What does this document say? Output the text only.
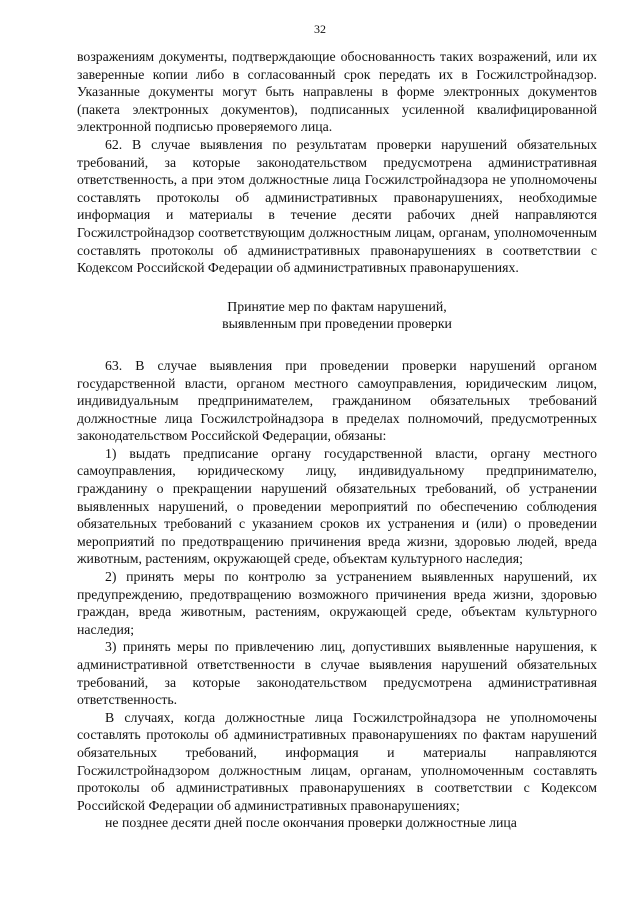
32

возражениям документы, подтверждающие обоснованность таких возражений, или их заверенные копии либо в согласованный срок передать их в Госжилстройнадзор. Указанные документы могут быть направлены в форме электронных документов (пакета электронных документов), подписанных усиленной квалифицированной электронной подписью проверяемого лица.

62. В случае выявления по результатам проверки нарушений обязательных требований, за которые законодательством предусмотрена административная ответственность, а при этом должностные лица Госжилстройнадзора не уполномочены составлять протоколы об административных правонарушениях, необходимые информация и материалы в течение десяти рабочих дней направляются Госжилстройнадзор соответствующим должностным лицам, органам, уполномоченным составлять протоколы об административных правонарушениях в соответствии с Кодексом Российской Федерации об административных правонарушениях.

Принятие мер по фактам нарушений,
выявленным при проведении проверки

63. В случае выявления при проведении проверки нарушений органом государственной власти, органом местного самоуправления, юридическим лицом, индивидуальным предпринимателем, гражданином обязательных требований должностные лица Госжилстройнадзора в пределах полномочий, предусмотренных законодательством Российской Федерации, обязаны:

1) выдать предписание органу государственной власти, органу местного самоуправления, юридическому лицу, индивидуальному предпринимателю, гражданину о прекращении нарушений обязательных требований, об устранении выявленных нарушений, о проведении мероприятий по обеспечению соблюдения обязательных требований с указанием сроков их устранения и (или) о проведении мероприятий по предотвращению причинения вреда жизни, здоровью людей, вреда животным, растениям, окружающей среде, объектам культурного наследия;

2) принять меры по контролю за устранением выявленных нарушений, их предупреждению, предотвращению возможного причинения вреда жизни, здоровью граждан, вреда животным, растениям, окружающей среде, объектам культурного наследия;

3) принять меры по привлечению лиц, допустивших выявленные нарушения, к административной ответственности в случае выявления нарушений обязательных требований, за которые законодательством предусмотрена административная ответственность.

В случаях, когда должностные лица Госжилстройнадзора не уполномочены составлять протоколы об административных правонарушениях по фактам нарушений обязательных требований, информация и материалы направляются Госжилстройнадзором должностным лицам, органам, уполномоченным составлять протоколы об административных правонарушениях в соответствии с Кодексом Российской Федерации об административных правонарушениях;

не позднее десяти дней после окончания проверки должностные лица
